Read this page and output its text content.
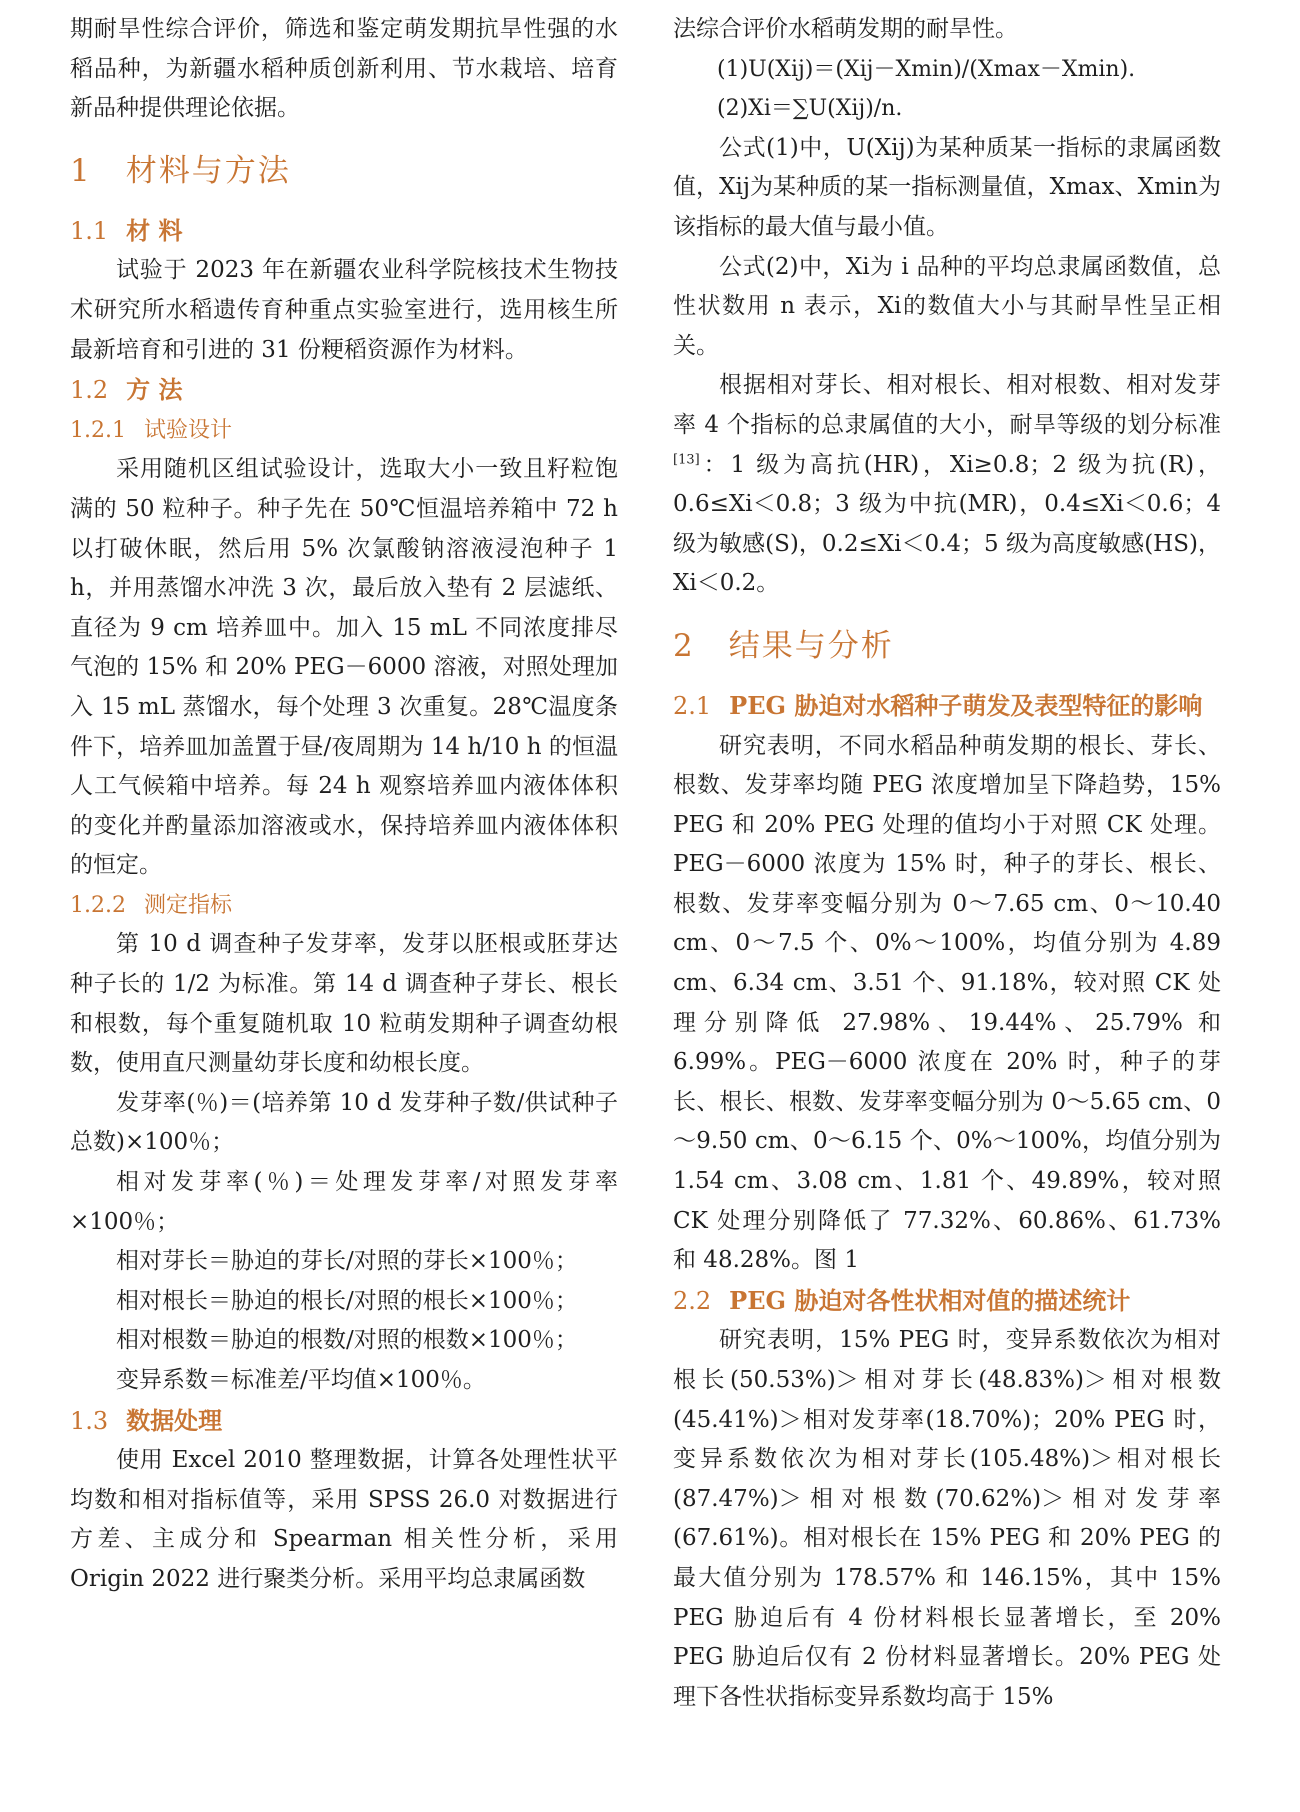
期耐旱性综合评价，筛选和鉴定萌发期抗旱性强的水稻品种，为新疆水稻种质创新利用、节水栽培、培育新品种提供理论依据。

1 材料与方法
1.1 材 料

试验于 2023 年在新疆农业科学院核技术生物技术研究所水稻遗传育种重点实验室进行，选用核生所最新培育和引进的 31 份粳稻资源作为材料。

1.2 方 法
1.2.1 试验设计

采用随机区组试验设计，选取大小一致且籽粒饱满的 50 粒种子。种子先在 50℃恒温培养箱中 72 h 以打破休眠，然后用 5% 次氯酸钠溶液浸泡种子 1 h，并用蒸馏水冲洗 3 次，最后放入垫有 2 层滤纸、直径为 9 cm 培养皿中。加入 15 mL 不同浓度排尽气泡的 15% 和 20% PEG－6000 溶液，对照处理加入 15 mL 蒸馏水，每个处理 3 次重复。28℃温度条件下，培养皿加盖置于昼/夜周期为 14 h/10 h 的恒温人工气候箱中培养。每 24 h 观察培养皿内液体体积的变化并酌量添加溶液或水，保持培养皿内液体体积的恒定。

1.2.2 测定指标

第 10 d 调查种子发芽率，发芽以胚根或胚芽达种子长的 1/2 为标准。第 14 d 调查种子芽长、根长和根数，每个重复随机取 10 粒萌发期种子调查幼根数，使用直尺测量幼芽长度和幼根长度。

发芽率(％)＝(培养第 10 d 发芽种子数/供试种子总数)×100％；

相对发芽率(％)＝处理发芽率/对照发芽率×100％；

相对芽长＝胁迫的芽长/对照的芽长×100％；

相对根长＝胁迫的根长/对照的根长×100％；

相对根数＝胁迫的根数/对照的根数×100％；

变异系数＝标准差/平均值×100％。

1.3 数据处理

使用 Excel 2010 整理数据，计算各处理性状平均数和相对指标值等，采用 SPSS 26.0 对数据进行方差、主成分和 Spearman 相关性分析，采用 Origin 2022 进行聚类分析。采用平均总隶属函数

法综合评价水稻萌发期的耐旱性。

(1)U(Xij)＝(Xij－Xmin)/(Xmax－Xmin).
(2)Xi＝∑U(Xij)/n.

公式(1)中，U(Xij)为某种质某一指标的隶属函数值，Xij为某种质的某一指标测量值，Xmax、Xmin为该指标的最大值与最小值。

公式(2)中，Xi为 i 品种的平均总隶属函数值，总性状数用 n 表示，Xi的数值大小与其耐旱性呈正相关。

根据相对芽长、相对根长、相对根数、相对发芽率 4 个指标的总隶属值的大小，耐旱等级的划分标准[13]：1 级为高抗(HR)，Xi≥0.8；2 级为抗(R)，0.6≤Xi＜0.8；3 级为中抗(MR)，0.4≤Xi＜0.6；4 级为敏感(S)，0.2≤Xi＜0.4；5 级为高度敏感(HS)，Xi＜0.2。

2 结果与分析
2.1 PEG 胁迫对水稻种子萌发及表型特征的影响

研究表明，不同水稻品种萌发期的根长、芽长、根数、发芽率均随 PEG 浓度增加呈下降趋势，15% PEG 和 20% PEG 处理的值均小于对照 CK 处理。PEG－6000 浓度为 15% 时，种子的芽长、根长、根数、发芽率变幅分别为 0～7.65 cm、0～10.40 cm、0～7.5 个、0%～100%，均值分别为 4.89 cm、6.34 cm、3.51 个、91.18%，较对照 CK 处理分别降低 27.98%、19.44%、25.79% 和 6.99%。PEG－6000 浓度在 20% 时，种子的芽长、根长、根数、发芽率变幅分别为 0～5.65 cm、0～9.50 cm、0～6.15 个、0%～100%，均值分别为 1.54 cm、3.08 cm、1.81 个、49.89%，较对照 CK 处理分别降低了 77.32%、60.86%、61.73% 和 48.28%。图 1

2.2 PEG 胁迫对各性状相对值的描述统计

研究表明，15% PEG 时，变异系数依次为相对根长(50.53%)＞相对芽长(48.83%)＞相对根数(45.41%)＞相对发芽率(18.70%)；20% PEG 时，变异系数依次为相对芽长(105.48%)＞相对根长(87.47%)＞相对根数(70.62%)＞相对发芽率(67.61%)。相对根长在 15% PEG 和 20% PEG 的最大值分别为 178.57% 和 146.15%，其中 15% PEG 胁迫后有 4 份材料根长显著增长，至 20% PEG 胁迫后仅有 2 份材料显著增长。20% PEG 处理下各性状指标变异系数均高于 15%
